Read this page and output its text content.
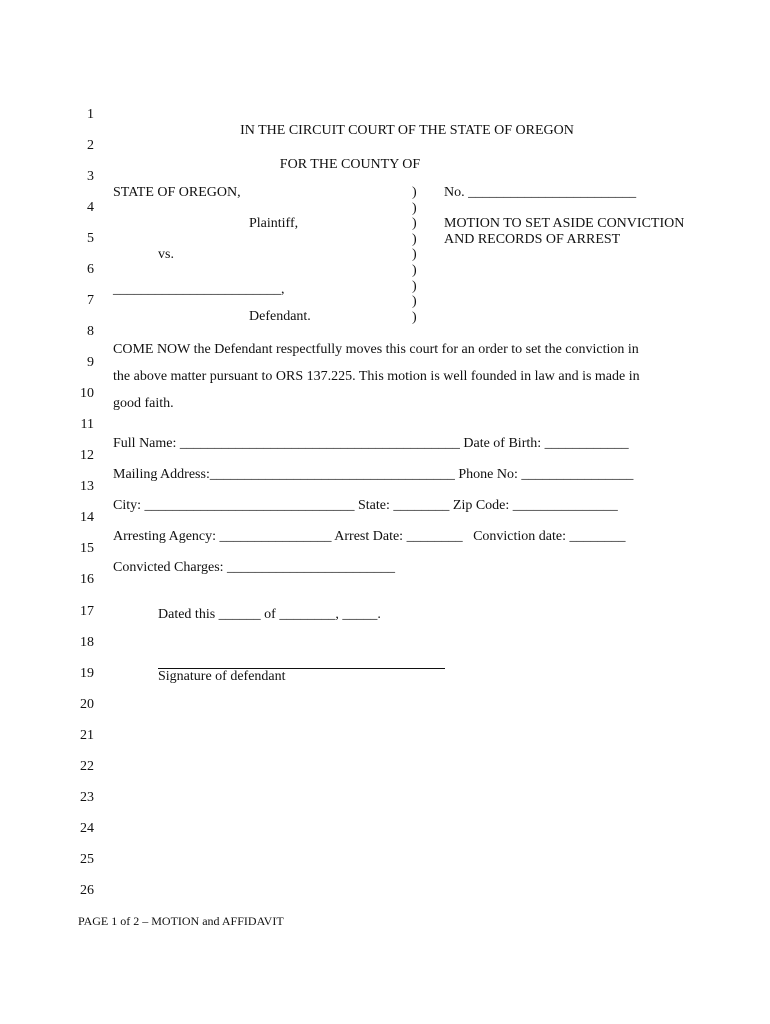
1
2
3
4
5
6
7
8
9
10
11
12
13
14
15
16
17
18
19
20
21
22
23
24
25
26
IN THE CIRCUIT COURT OF THE STATE OF OREGON
FOR THE COUNTY OF
STATE OF OREGON,
Plaintiff,
vs.
________________________,
Defendant.
)
)
)
)
)
)
)
)
)
No. ________________________
MOTION TO SET ASIDE CONVICTION
AND RECORDS OF ARREST
COME NOW the Defendant respectfully moves this court for an order to set the conviction in
the above matter pursuant to ORS 137.225. This motion is well founded in law and is made in
good faith.
Full Name: ________________________________________ Date of Birth: ____________
Mailing Address:___________________________________ Phone No: ________________
City: ______________________________ State: ________ Zip Code: _______________
Arresting Agency: ________________ Arrest Date: ________   Conviction date: ________
Convicted Charges: ________________________
Dated this ______ of ________, _____.
Signature of defendant
PAGE 1 of 2 – MOTION and AFFIDAVIT
